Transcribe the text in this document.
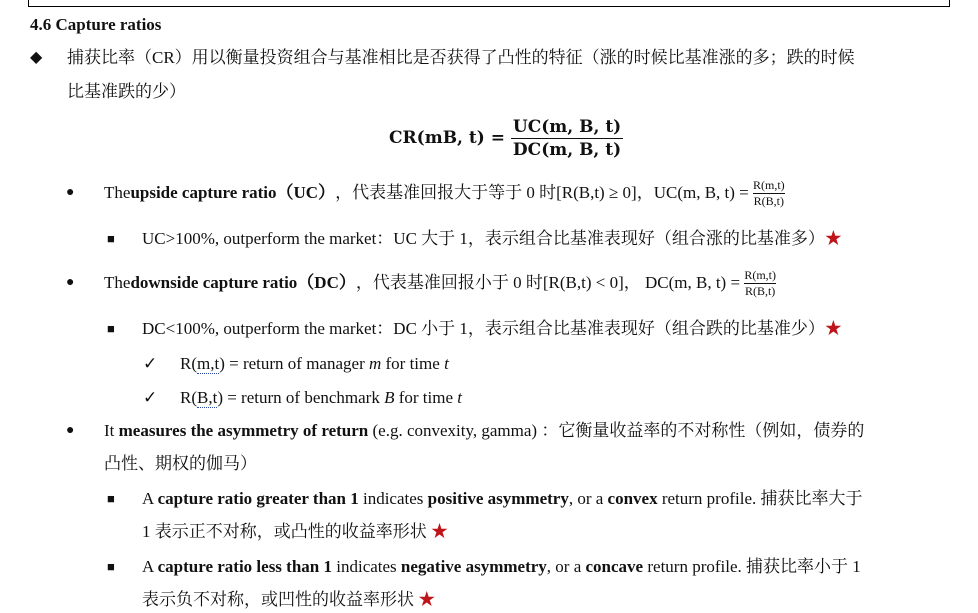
4.6 Capture ratios
◆ 捕获比率（CR）用以衡量投资组合与基准相比是否获得了凸性的特征（涨的时候比基准涨的多；跌的时候
比基准跌的少）
CR(mB, t) =
$\frac{UC(m, B, t)}{DC(m, B, t)}$
● The upside capture ratio（UC） ，代表基准回报大于等于 0 时[R(B,t) ≥ 0]，UC(m, B, t) =
$\frac{R(m,t)}{R(B,t)}$
■ UC>100%, outperform the market：UC 大于 1，表示组合比基准表现好（组合涨的比基准多）★
● The downside capture ratio（DC） ，代表基准回报小于 0 时[R(B,t) < 0]， DC(m, B, t) =
$\frac{R(m,t)}{R(B,t)}$
■ DC<100%, outperform the market：DC 小于 1，表示组合比基准表现好（组合跌的比基准少）★
✓ R(m,t) = return of manager m for time t
✓ R(B,t) = return of benchmark B for time t
● It measures the asymmetry of return (e.g. convexity, gamma) ：它衡量收益率的不对称性（例如，债券的
凸性、期权的伽马）
■ A capture ratio greater than 1 indicates positive asymmetry, or a convex return profile. 捕获比率大于
1 表示正不对称，或凸性的收益率形状 ★
■ A capture ratio less than 1 indicates negative asymmetry, or a concave return profile. 捕获比率小于 1
表示负不对称，或凹性的收益率形状 ★
